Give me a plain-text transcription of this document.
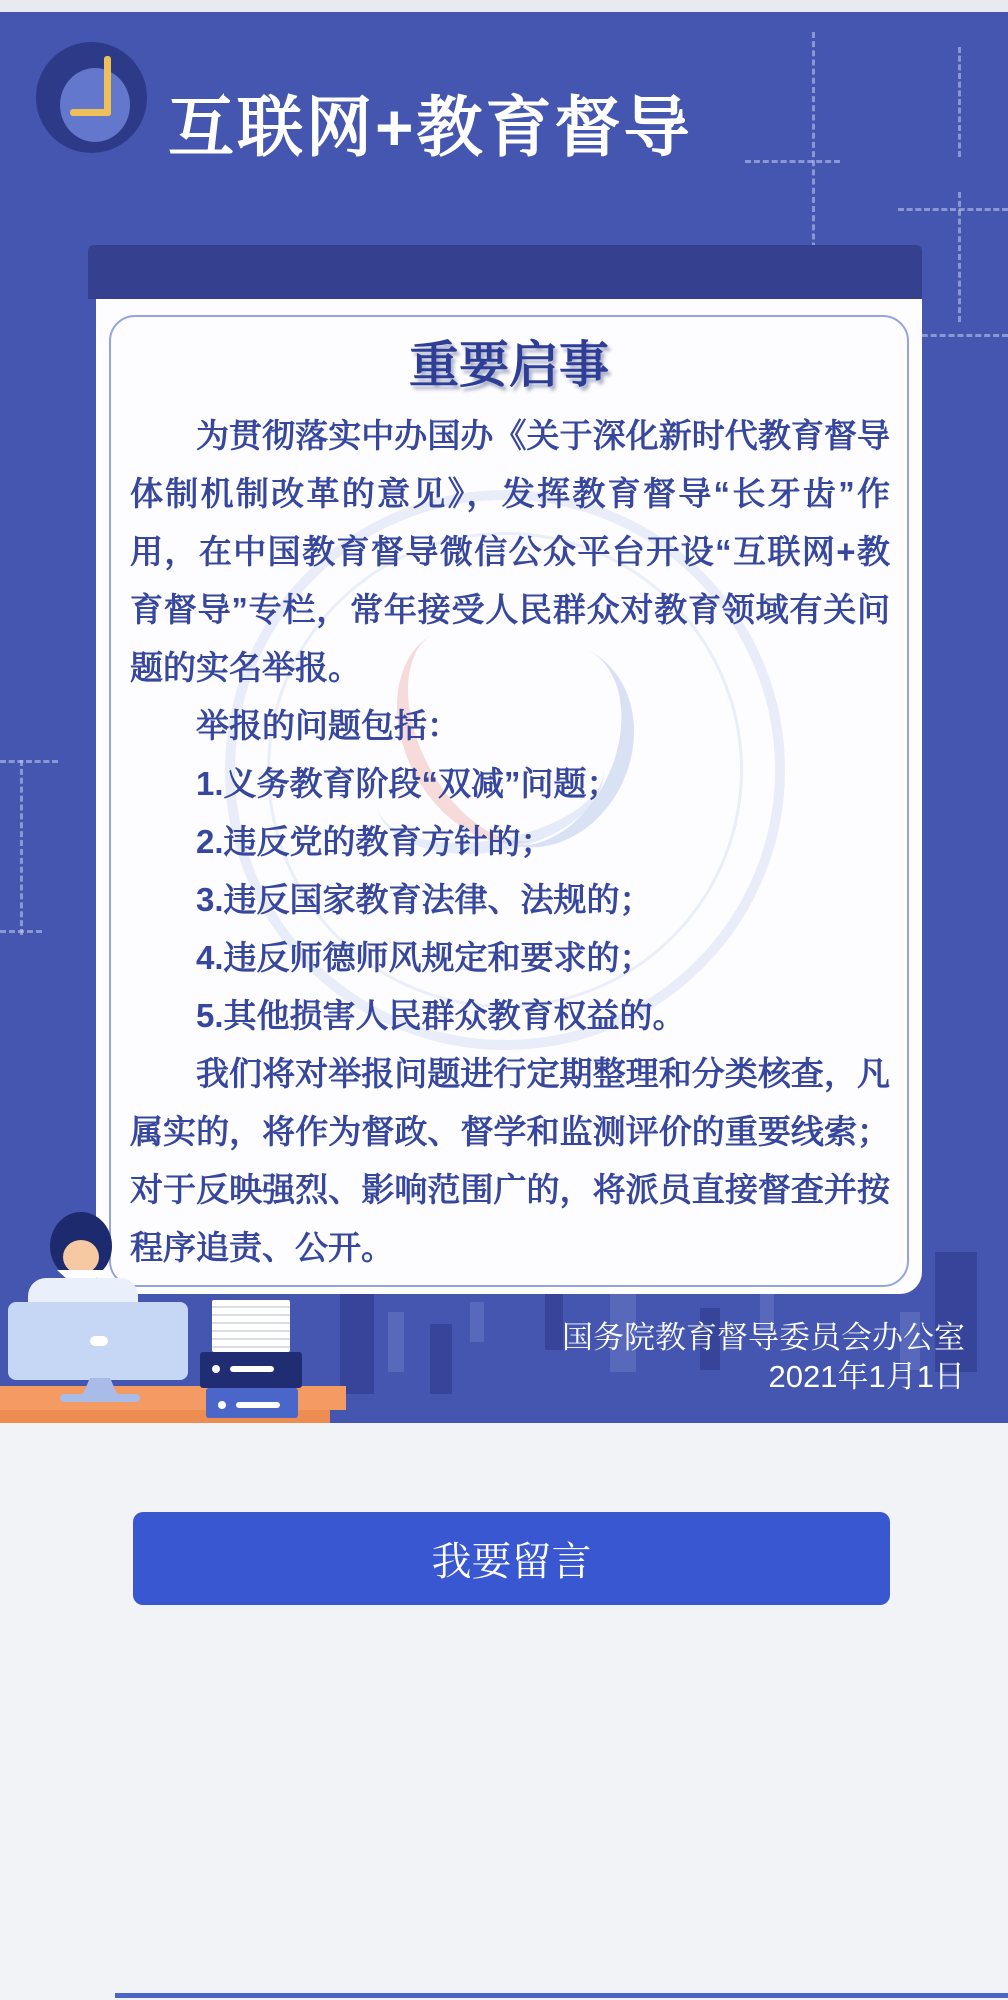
互联网+教育督导
重要启事

为贯彻落实中办国办《关于深化新时代教育督导体制机制改革的意见》，发挥教育督导“长牙齿”作用，在中国教育督导微信公众平台开设“互联网+教育督导”专栏，常年接受人民群众对教育领域有关问题的实名举报。

举报的问题包括：

1.义务教育阶段“双减”问题；

2.违反党的教育方针的；

3.违反国家教育法律、法规的；

4.违反师德师风规定和要求的；

5.其他损害人民群众教育权益的。

我们将对举报问题进行定期整理和分类核查，凡属实的，将作为督政、督学和监测评价的重要线索；对于反映强烈、影响范围广的，将派员直接督查并按程序追责、公开。

国务院教育督导委员会办公室
2021年1月1日
我要留言
